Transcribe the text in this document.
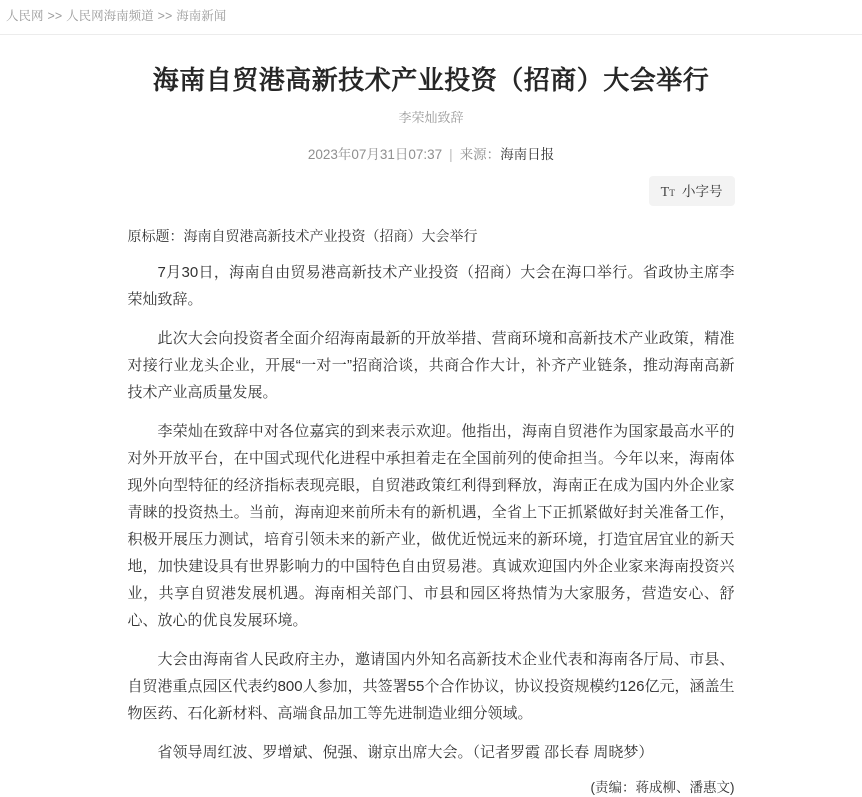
人民网 >> 人民网海南频道 >> 海南新闻
海南自贸港高新技术产业投资（招商）大会举行
李荣灿致辞
2023年07月31日07:37 | 来源：海南日报
TT 小字号
原标题：海南自贸港高新技术产业投资（招商）大会举行

7月30日，海南自由贸易港高新技术产业投资（招商）大会在海口举行。省政协主席李荣灿致辞。

此次大会向投资者全面介绍海南最新的开放举措、营商环境和高新技术产业政策，精准对接行业龙头企业，开展“一对一”招商洽谈，共商合作大计，补齐产业链条，推动海南高新技术产业高质量发展。

李荣灿在致辞中对各位嘉宾的到来表示欢迎。他指出，海南自贸港作为国家最高水平的对外开放平台，在中国式现代化进程中承担着走在全国前列的使命担当。今年以来，海南体现外向型特征的经济指标表现亮眼，自贸港政策红利得到释放，海南正在成为国内外企业家青睐的投资热土。当前，海南迎来前所未有的新机遇，全省上下正抓紧做好封关准备工作，积极开展压力测试，培育引领未来的新产业，做优近悦远来的新环境，打造宜居宜业的新天地，加快建设具有世界影响力的中国特色自由贸易港。真诚欢迎国内外企业家来海南投资兴业，共享自贸港发展机遇。海南相关部门、市县和园区将热情为大家服务，营造安心、舒心、放心的优良发展环境。

大会由海南省人民政府主办，邀请国内外知名高新技术企业代表和海南各厅局、市县、自贸港重点园区代表约800人参加，共签署55个合作协议，协议投资规模约126亿元，涵盖生物医药、石化新材料、高端食品加工等先进制造业细分领域。

省领导周红波、罗增斌、倪强、谢京出席大会。（记者罗霞 邵长春 周晓梦）

(责编：蒋成柳、潘惠文)
